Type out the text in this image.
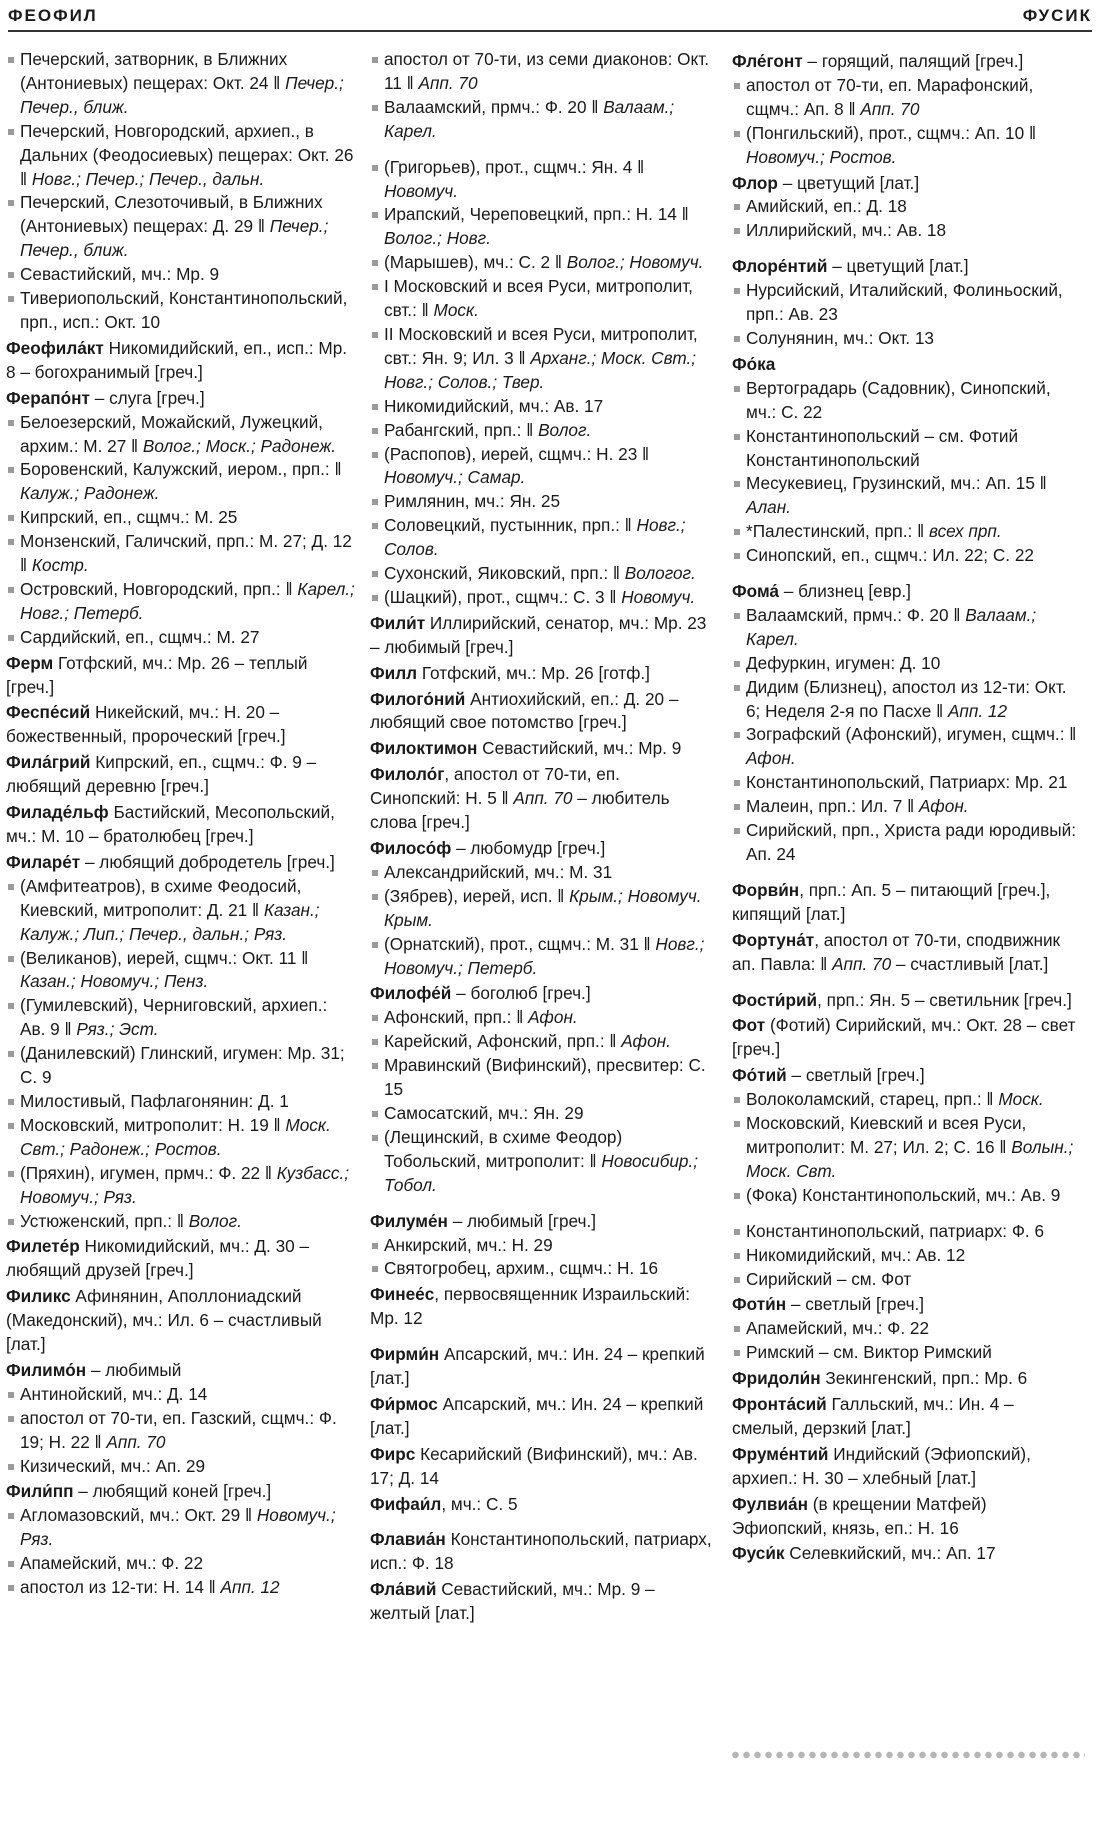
ФЕОФИЛ	ФУСИК
Печерский, затворник, в Ближних (Антониевых) пещерах: Окт. 24 ‖ Печер.; Печер., ближ.
Печерский, Новгородский, архиеп., в Дальних (Феодосиевых) пещерах: Окт. 26 ‖ Новг.; Печер.; Печер., дальн.
Печерский, Слезоточивый, в Ближних (Антониевых) пещерах: Д. 29 ‖ Печер.; Печер., ближ.
Севастийский, мч.: Мр. 9
Тивериопольский, Константинопольский, прп., исп.: Окт. 10
Феофила́кт Никомидийский, еп., исп.: Мр. 8 – богохранимый [греч.]
Ферапо́нт – слуга [греч.]
Белоезерский, Можайский, Лужецкий, архим.: М. 27 ‖ Волог.; Моск.; Радонеж.
Боровенский, Калужский, иером., прп.: ‖ Калуж.; Радонеж.
Кипрский, еп., сщмч.: М. 25
Монзенский, Галичский, прп.: М. 27; Д. 12 ‖ Костр.
Островский, Новгородский, прп.: ‖ Карел.; Новг.; Петерб.
Сардийский, еп., сщмч.: М. 27
Ферм Готфский, мч.: Мр. 26 – теплый [греч.]
Феспе́сий Никейский, мч.: Н. 20 – божественный, пророческий [греч.]
Фила́грий Кипрский, еп., сщмч.: Ф. 9 – любящий деревню [греч.]
Филаде́льф Бастийский, Месопольский, мч.: М. 10 – братолюбец [греч.]
Филаре́т – любящий добродетель [греч.]
(Амфитеатров), в схиме Феодосий, Киевский, митрополит: Д. 21 ‖ Казан.; Калуж.; Лип.; Печер., дальн.; Ряз.
(Великанов), иерей, сщмч.: Окт. 11 ‖ Казан.; Новомуч.; Пенз.
(Гумилевский), Черниговский, архиеп.: Ав. 9 ‖ Ряз.; Эст.
(Данилевский) Глинский, игумен: Мр. 31; С. 9
Милостивый, Пафлагонянин: Д. 1
Московский, митрополит: Н. 19 ‖ Моск. Свт.; Радонеж.; Ростов.
(Пряхин), игумен, прмч.: Ф. 22 ‖ Кузбасс.; Новомуч.; Ряз.
Устюженский, прп.: ‖ Волог.
Филете́р Никомидийский, мч.: Д. 30 – любящий друзей [греч.]
Филикс Афинянин, Аполлониадский (Македонский), мч.: Ил. 6 – счастливый [лат.]
Филимо́н – любимый
Антинойский, мч.: Д. 14
апостол от 70-ти, еп. Газский, сщмч.: Ф. 19; Н. 22 ‖ Апп. 70
Кизический, мч.: Ап. 29
Фили́пп – любящий коней [греч.]
Агломазовский, мч.: Окт. 29 ‖ Новомуч.; Ряз.
Апамейский, мч.: Ф. 22
апостол из 12-ти: Н. 14 ‖ Апп. 12
апостол от 70-ти, из семи диаконов: Окт. 11 ‖ Апп. 70
Валаамский, прмч.: Ф. 20 ‖ Валаам.; Карел.
(Григорьев), прот., сщмч.: Ян. 4 ‖ Новомуч.
Ирапский, Череповецкий, прп.: Н. 14 ‖ Волог.; Новг.
(Марышев), мч.: С. 2 ‖ Волог.; Новомуч.
I Московский и всея Руси, митрополит, свт.: ‖ Моск.
II Московский и всея Руси, митрополит, свт.: Ян. 9; Ил. 3 ‖ Арханг.; Моск. Свт.; Новг.; Солов.; Твер.
Никомидийский, мч.: Ав. 17
Рабангский, прп.: ‖ Волог.
(Распопов), иерей, сщмч.: Н. 23 ‖ Новомуч.; Самар.
Римлянин, мч.: Ян. 25
Соловецкий, пустынник, прп.: ‖ Новг.; Солов.
Сухонский, Яиковский, прп.: ‖ Вологог.
(Шацкий), прот., сщмч.: С. 3 ‖ Новомуч.
Фили́т Иллирийский, сенатор, мч.: Мр. 23 – любимый [греч.]
Филл Готфский, мч.: Мр. 26 [готф.]
Филого́ний Антиохийский, еп.: Д. 20 – любящий свое потомство [греч.]
Филоктимон Севастийский, мч.: Мр. 9
Филоло́г, апостол от 70-ти, еп. Синопский: Н. 5 ‖ Апп. 70 – любитель слова [греч.]
Филосо́ф – любомудр [греч.]
Александрийский, мч.: М. 31
(Зябрев), иерей, исп. ‖ Крым.; Новомуч. Крым.
(Орнатский), прот., сщмч.: М. 31 ‖ Новг.; Новомуч.; Петерб.
Филофе́й – боголюб [греч.]
Афонский, прп.: ‖ Афон.
Карейский, Афонский, прп.: ‖ Афон.
Мравинский (Вифинский), пресвитер: С. 15
Самосатский, мч.: Ян. 29
(Лещинский, в схиме Феодор) Тобольский, митрополит: ‖ Новосибир.; Тобол.
Филуме́н – любимый [греч.]
Анкирский, мч.: Н. 29
Святогробец, архим., сщмч.: Н. 16
Финее́с, первосвященник Израильский: Мр. 12
Фирми́н Апсарский, мч.: Ин. 24 – крепкий [лат.]
Фи́рмос Апсарский, мч.: Ин. 24 – крепкий [лат.]
Фирс Кесарийский (Вифинский), мч.: Ав. 17; Д. 14
Фифаи́л, мч.: С. 5
Флавиа́н Константинопольский, патриарх, исп.: Ф. 18
Фла́вий Севастийский, мч.: Мр. 9 – желтый [лат.]
Фле́гонт – горящий, палящий [греч.]
апостол от 70-ти, еп. Марафонский, сщмч.: Ап. 8 ‖ Апп. 70
(Понгильский), прот., сщмч.: Ап. 10 ‖ Новомуч.; Ростов.
Флор – цветущий [лат.]
Амийский, еп.: Д. 18
Иллирийский, мч.: Ав. 18
Флоре́нтий – цветущий [лат.]
Нурсийский, Италийский, Фолиньоский, прп.: Ав. 23
Солунянин, мч.: Окт. 13
Фо́ка
Вертоградарь (Садовник), Синопский, мч.: С. 22
Константинопольский – см. Фотий Константинопольский
Месукевиец, Грузинский, мч.: Ап. 15 ‖ Алан.
*Палестинский, прп.: ‖ всех прп.
Синопский, еп., сщмч.: Ил. 22; С. 22
Фома́ – близнец [евр.]
Валаамский, прмч.: Ф. 20 ‖ Валаам.; Карел.
Дефуркин, игумен: Д. 10
Дидим (Близнец), апостол из 12-ти: Окт. 6; Неделя 2-я по Пасхе ‖ Апп. 12
Зографский (Афонский), игумен, сщмч.: ‖ Афон.
Константинопольский, Патриарх: Мр. 21
Малеин, прп.: Ил. 7 ‖ Афон.
Сирийский, прп., Христа ради юродивый: Ап. 24
Форви́н, прп.: Ап. 5 – питающий [греч.], кипящий [лат.]
Фортуна́т, апостол от 70-ти, сподвижник ап. Павла: ‖ Апп. 70 – счастливый [лат.]
Фости́рий, прп.: Ян. 5 – светильник [греч.]
Фот (Фотий) Сирийский, мч.: Окт. 28 – свет [греч.]
Фо́тий – светлый [греч.]
Волоколамский, старец, прп.: ‖ Моск.
Московский, Киевский и всея Руси, митрополит: М. 27; Ил. 2; С. 16 ‖ Волын.; Моск. Свт.
(Фока) Константинопольский, мч.: Ав. 9
Константинопольский, патриарх: Ф. 6
Никомидийский, мч.: Ав. 12
Сирийский – см. Фот
Фоти́н – светлый [греч.]
Апамейский, мч.: Ф. 22
Римский – см. Виктор Римский
Фридоли́н Зекингенский, прп.: Мр. 6
Фронта́сий Галльский, мч.: Ин. 4 – смелый, дерзкий [лат.]
Фруме́нтий Индийский (Эфиопский), архиеп.: Н. 30 – хлебный [лат.]
Фулвиа́н (в крещении Матфей) Эфиопский, князь, еп.: Н. 16
Фуси́к Селевкийский, мч.: Ап. 17
